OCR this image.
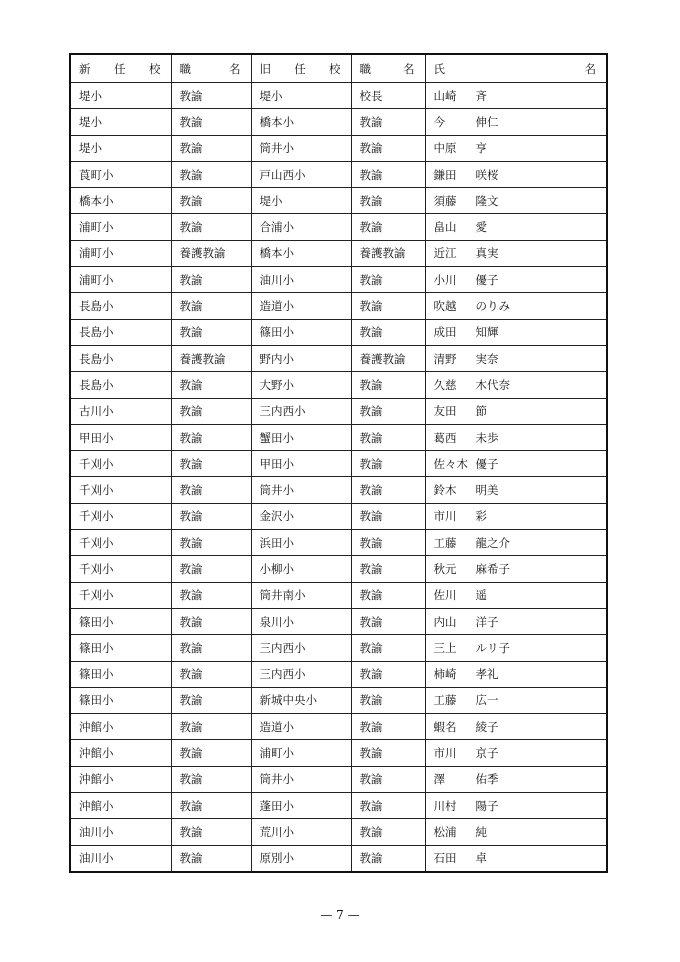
新 任 校	職 名	旧 任 校	職 名	氏 名

堤小	教諭	堤小	校長	山崎 斉
堤小	教諭	橋本小	教諭	今 伸仁
堤小	教諭	筒井小	教諭	中原 亨
莨町小	教諭	戸山西小	教諭	鎌田 咲桜
橋本小	教諭	堤小	教諭	須藤 隆文
浦町小	教諭	合浦小	教諭	畠山 愛
浦町小	養護教諭	橋本小	養護教諭	近江 真実
浦町小	教諭	油川小	教諭	小川 優子
長島小	教諭	造道小	教諭	吹越 のりみ
長島小	教諭	篠田小	教諭	成田 知輝
長島小	養護教諭	野内小	養護教諭	清野 実奈
長島小	教諭	大野小	教諭	久慈 木代奈
古川小	教諭	三内西小	教諭	友田 節
甲田小	教諭	蟹田小	教諭	葛西 未歩
千刈小	教諭	甲田小	教諭	佐々木 優子
千刈小	教諭	筒井小	教諭	鈴木 明美
千刈小	教諭	金沢小	教諭	市川 彩
千刈小	教諭	浜田小	教諭	工藤 龍之介
千刈小	教諭	小柳小	教諭	秋元 麻希子
千刈小	教諭	筒井南小	教諭	佐川 遥
篠田小	教諭	泉川小	教諭	内山 洋子
篠田小	教諭	三内西小	教諭	三上 ルリ子
篠田小	教諭	三内西小	教諭	柿崎 孝礼
篠田小	教諭	新城中央小	教諭	工藤 広一
沖館小	教諭	造道小	教諭	蝦名 綾子
沖館小	教諭	浦町小	教諭	市川 京子
沖館小	教諭	筒井小	教諭	澤 佑季
沖館小	教諭	蓬田小	教諭	川村 陽子
油川小	教諭	荒川小	教諭	松浦 純
油川小	教諭	原別小	教諭	石田 卓
— 7 —
